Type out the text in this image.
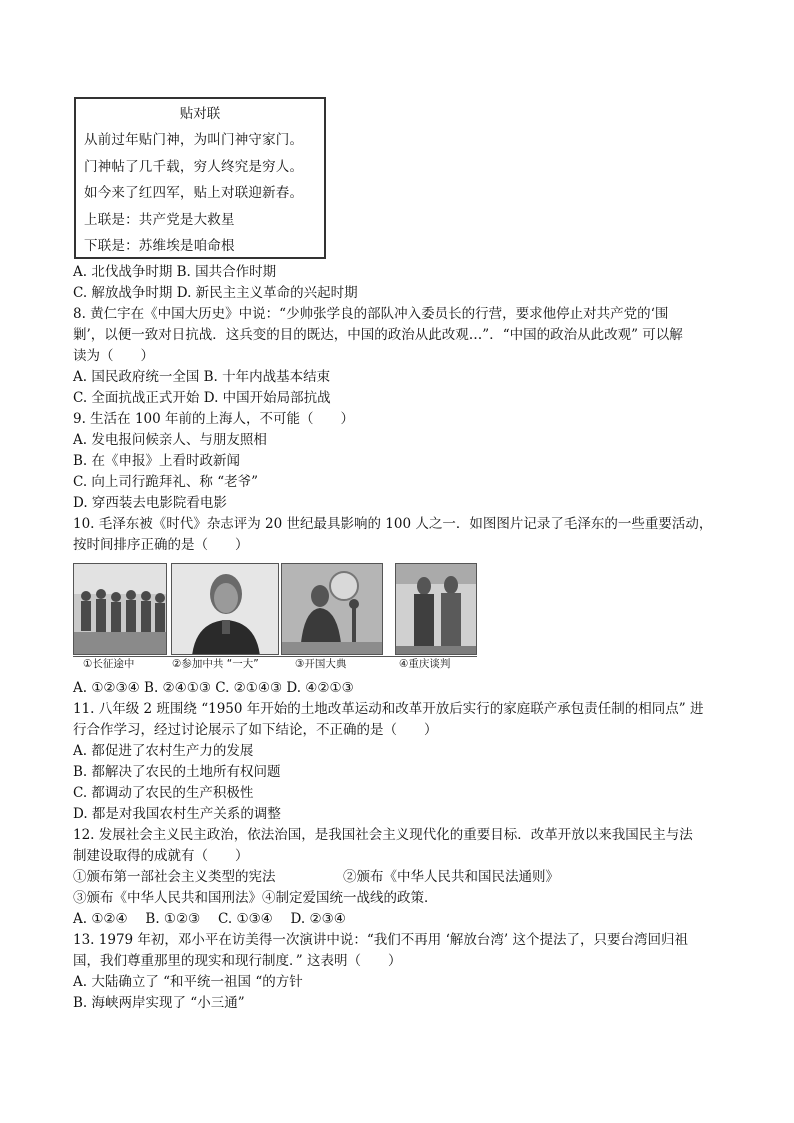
贴对联
从前过年贴门神，为叫门神守家门。
门神帖了几千载，穷人终究是穷人。
如今来了红四军，贴上对联迎新春。
上联是：共产党是大救星
下联是：苏维埃是咱命根
A. 北伐战争时期 B. 国共合作时期
C. 解放战争时期 D. 新民主主义革命的兴起时期
8. 黄仁宇在《中国大历史》中说：“少帅张学良的部队冲入委员长的行营，要求他停止对共产党的‘围
剿’，以便一致对日抗战．这兵变的目的既达，中国的政治从此改观…”．“中国的政治从此改观” 可以解
读为（　　）
A. 国民政府统一全国 B. 十年内战基本结束
C. 全面抗战正式开始 D. 中国开始局部抗战
9. 生活在 100 年前的上海人，不可能（　　）
A. 发电报问候亲人、与朋友照相
B. 在《申报》上看时政新闻
C. 向上司行跪拜礼、称 “老爷”
D. 穿西装去电影院看电影
10. 毛泽东被《时代》杂志评为 20 世纪最具影响的 100 人之一．如图图片记录了毛泽东的一些重要活动，
按时间排序正确的是（　　）
①长征途中	②参加中共 “一大”	③开国大典	④重庆谈判
A. ①②③④ B. ②④①③ C. ②①④③ D. ④②①③
11. 八年级 2 班围绕 “1950 年开始的土地改革运动和改革开放后实行的家庭联产承包责任制的相同点” 进
行合作学习，经过讨论展示了如下结论，不正确的是（　　）
A. 都促进了农村生产力的发展
B. 都解决了农民的土地所有权问题
C. 都调动了农民的生产积极性
D. 都是对我国农村生产关系的调整
12. 发展社会主义民主政治，依法治国，是我国社会主义现代化的重要目标．改革开放以来我国民主与法
制建设取得的成就有（　　）
①颁布第一部社会主义类型的宪法　　　　　②颁布《中华人民共和国民法通则》
③颁布《中华人民共和国刑法》④制定爱国统一战线的政策．
A. ①②④　 B. ①②③　 C. ①③④　 D. ②③④
13. 1979 年初，邓小平在访美得一次演讲中说：“我们不再用 ‘解放台湾’ 这个提法了，只要台湾回归祖
国，我们尊重那里的现实和现行制度．” 这表明（　　）
A. 大陆确立了 “和平统一祖国 “的方针
B. 海峡两岸实现了 “小三通”
